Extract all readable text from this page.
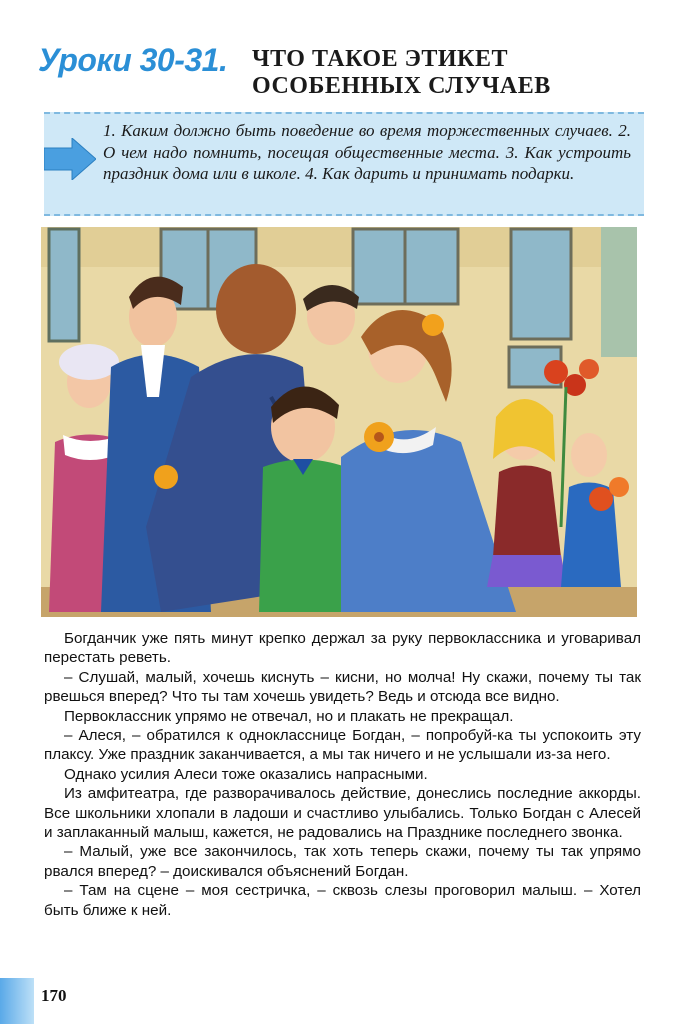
Уроки 30-31. ЧТО ТАКОЕ ЭТИКЕТ
ОСОБЕННЫХ СЛУЧАЕВ
1. Каким должно быть поведение во время торжественных случаев. 2. О чем надо помнить, посещая общественные места. 3. Как устроить праздник дома или в школе. 4. Как дарить и принимать подарки.

Богданчик уже пять минут крепко держал за руку первоклассника и уговаривал перестать реветь.

– Слушай, малый, хочешь киснуть – кисни, но молча! Ну скажи, почему ты так рвешься вперед? Что ты там хочешь увидеть? Ведь и отсюда все видно.

Первоклассник упрямо не отвечал, но и плакать не прекращал.

– Алеся, – обратился к однокласснице Богдан, – попробуй-ка ты успокоить эту плаксу. Уже праздник заканчивается, а мы так ничего и не услышали из-за него.

Однако усилия Алеси тоже оказались напрасными.

Из амфитеатра, где разворачивалось действие, донеслись последние аккорды. Все школьники хлопали в ладоши и счастливо улыбались. Только Богдан с Алесей и заплаканный малыш, кажется, не радовались на Празднике последнего звонка.

– Малый, уже все закончилось, так хоть теперь скажи, почему ты так упрямо рвался вперед? – доискивался объяснений Богдан.

– Там на сцене – моя сестричка, – сквозь слезы проговорил малыш. – Хотел быть ближе к ней.

170
